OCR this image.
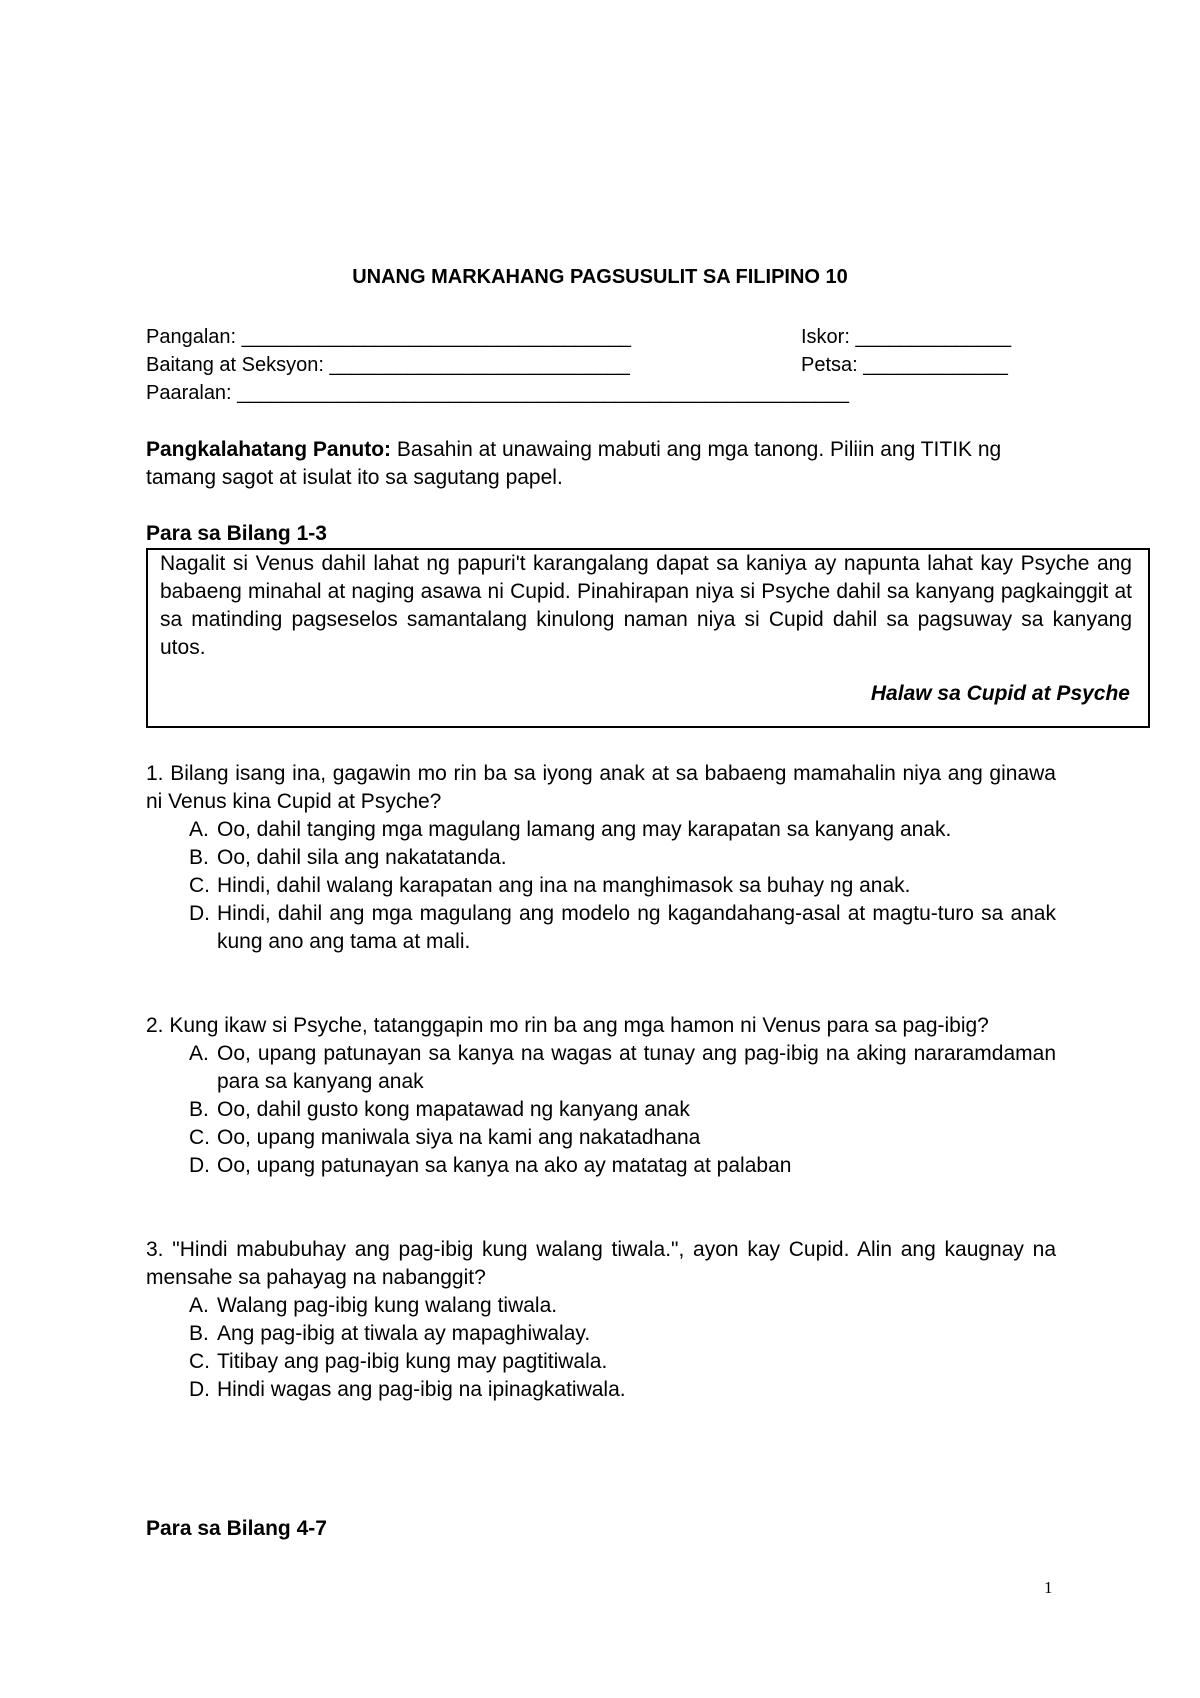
UNANG MARKAHANG PAGSUSULIT SA FILIPINO 10
Pangalan: ___________________________________	Iskor: ______________
Baitang at Seksyon: ___________________________	Petsa: _____________
Paaralan: _______________________________________________________
Pangkalahatang Panuto: Basahin at unawaing mabuti ang mga tanong. Piliin ang TITIK ng tamang sagot at isulat ito sa sagutang papel.
Para sa Bilang 1-3
Nagalit si Venus dahil lahat ng papuri't karangalang dapat sa kaniya ay napunta lahat kay Psyche ang babaeng minahal at naging asawa ni Cupid. Pinahirapan niya si Psyche dahil sa kanyang pagkainggit at sa matinding pagseselos samantalang kinulong naman niya si Cupid dahil sa pagsuway sa kanyang utos.
Halaw sa Cupid at Psyche
1. Bilang isang ina, gagawin mo rin ba sa iyong anak at sa babaeng mamahalin niya ang ginawa ni Venus kina Cupid at Psyche?
A. Oo, dahil tanging mga magulang lamang ang may karapatan sa kanyang anak.
B. Oo, dahil sila ang nakatatanda.
C. Hindi, dahil walang karapatan ang ina na manghimasok sa buhay ng anak.
D. Hindi, dahil ang mga magulang ang modelo ng kagandahang-asal at magtu-turo sa anak kung ano ang tama at mali.
2. Kung ikaw si Psyche, tatanggapin mo rin ba ang mga hamon ni Venus para sa pag-ibig?
A. Oo, upang patunayan sa kanya na wagas at tunay ang pag-ibig na aking nararamdaman para sa kanyang anak
B. Oo, dahil gusto kong mapatawad ng kanyang anak
C. Oo, upang maniwala siya na kami ang nakatadhana
D. Oo, upang patunayan sa kanya na ako ay matatag at palaban
3. "Hindi mabubuhay ang pag-ibig kung walang tiwala.", ayon kay Cupid. Alin ang kaugnay na mensahe sa pahayag na nabanggit?
A. Walang pag-ibig kung walang tiwala.
B. Ang pag-ibig at tiwala ay mapaghiwalay.
C. Titibay ang pag-ibig kung may pagtitiwala.
D. Hindi wagas ang pag-ibig na ipinagkatiwala.
Para sa Bilang 4-7
1
